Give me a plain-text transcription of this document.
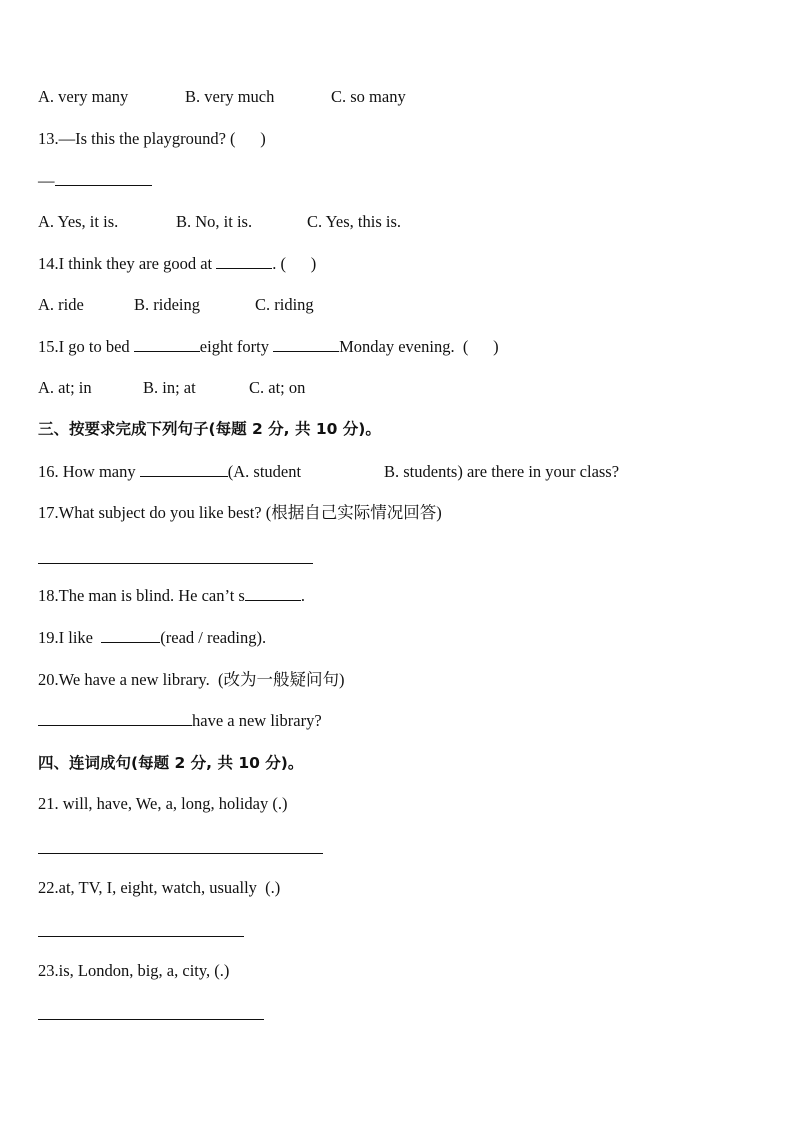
A. very many	B. very much	C. so many
13.—Is this the playground? (      )
—
A. Yes, it is.	B. No, it is.	C. Yes, this is.
14.I think they are good at	. (      )
A. ride	B. rideing	C. riding
15.I go to bed	eight forty	Monday evening.  (      )
A. at; in	B. in; at	C. at; on
三、按要求完成下列句子(每题 2 分, 共 10 分)。
16. How many	(A. student	B. students) are there in your class?
17.What subject do you like best? (根据自己实际情况回答)
18.The man is blind. He can’t s	.
19.I like	(read / reading).
20.We have a new library.  (改为一般疑问句)
have a new library?
四、连词成句(每题 2 分, 共 10 分)。
21. will, have, We, a, long, holiday (.)
22.at, TV, I, eight, watch, usually  (.)
23.is, London, big, a, city, (.)
